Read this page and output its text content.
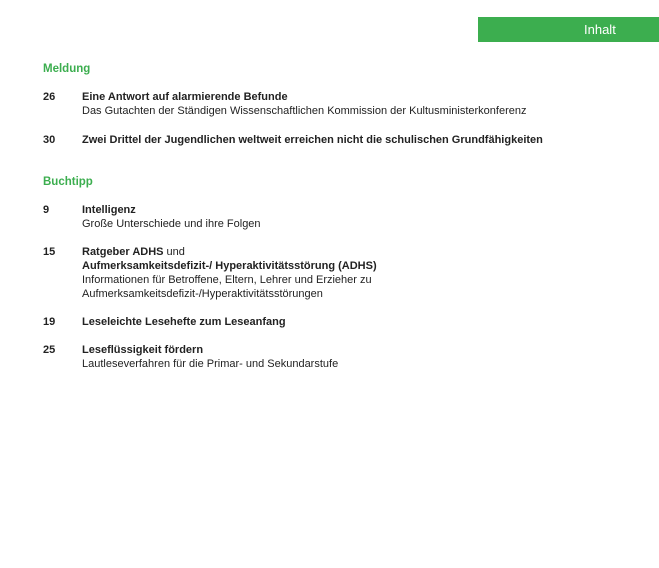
Inhalt

Meldung

26 Eine Antwort auf alarmierende Befunde
Das Gutachten der Ständigen Wissenschaftlichen Kommission der Kultusministerkonferenz
30 Zwei Drittel der Jugendlichen weltweit erreichen nicht die schulischen Grundfähigkeiten

Buchtipp

9	Intelligenz
Große Unterschiede und ihre Folgen
15 Ratgeber ADHS und
Aufmerksamkeitsdefizit-/ Hyperaktivitätsstörung (ADHS)
Informationen für Betroffene, Eltern, Lehrer und Erzieher zu
Aufmerksamkeitsdefizit-/Hyperaktivitätsstörungen
19 Leseleichte Lesehefte zum Leseanfang
25 Leseflüssigkeit fördern
Lautleseverfahren für die Primar- und Sekundarstufe
